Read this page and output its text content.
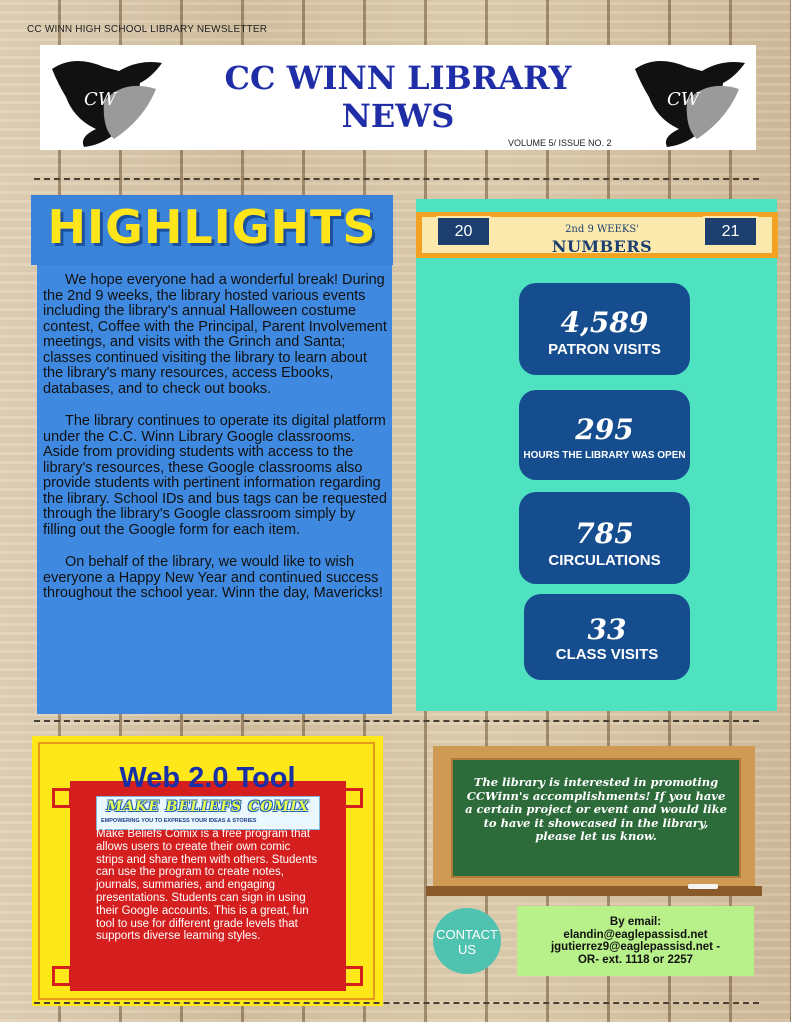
CC WINN HIGH SCHOOL LIBRARY NEWSLETTER
CW
CC WINN LIBRARY
NEWS
VOLUME 5/ ISSUE NO. 2
CW
HIGHLIGHTS

We hope everyone had a wonderful break! During the 2nd 9 weeks, the library hosted various events including the library's annual Halloween costume contest, Coffee with the Principal, Parent Involvement meetings, and visits with the Grinch and Santa; classes continued visiting the library to learn about the library's many resources, access Ebooks, databases, and to check out books.

The library continues to operate its digital platform under the C.C. Winn Library Google classrooms. Aside from providing students with access to the library's resources, these Google classrooms also provide students with pertinent information regarding the library. School IDs and bus tags can be requested through the library's Google classroom simply by filling out the Google form for each item.

On behalf of the library, we would like to wish everyone a Happy New Year and continued success throughout the school year. Winn the day, Mavericks!

20	2nd 9 WEEKS'
NUMBERS
21
4,589
PATRON VISITS
295
HOURS THE LIBRARY WAS OPEN
785
CIRCULATIONS
33
CLASS VISITS
Web 2.0 Tool
MAKE BELIEFS COMIX
EMPOWERING YOU TO EXPRESS YOUR IDEAS & STORIES
Make Beliefs Comix is a free program that allows users to create their own comic strips and share them with others. Students can use the program to create notes, journals, summaries, and engaging presentations. Students can sign in using their Google accounts. This is a great, fun tool to use for different grade levels that supports diverse learning styles.
The library is interested in promoting CCWinn's accomplishments! If you have a certain project or event and would like to have it showcased in the library, please let us know.
CONTACT
US
By email:
elandin@eaglepassisd.net
jgutierrez9@eaglepassisd.net -
OR- ext. 1118 or 2257
